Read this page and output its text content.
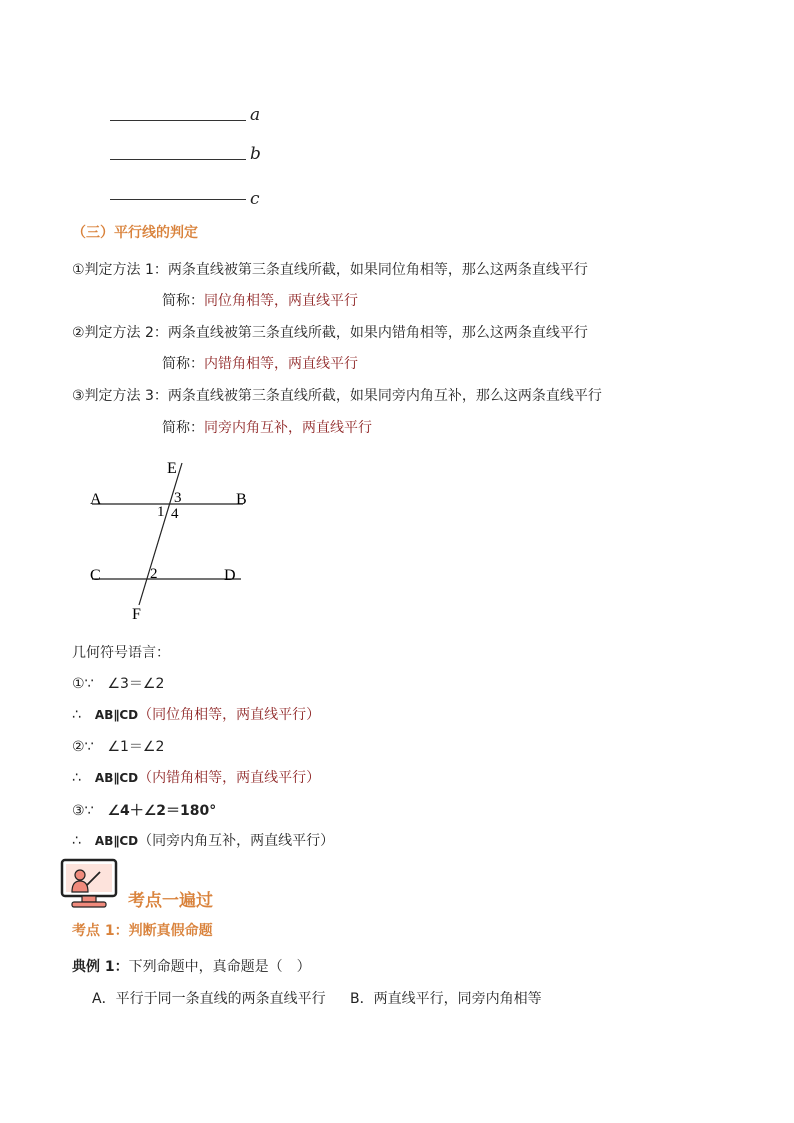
a
b
c
（三）平行线的判定
①判定方法 1：两条直线被第三条直线所截，如果同位角相等，那么这两条直线平行
简称：同位角相等，两直线平行
②判定方法 2：两条直线被第三条直线所截，如果内错角相等，那么这两条直线平行
简称：内错角相等，两直线平行
③判定方法 3：两条直线被第三条直线所截，如果同旁内角互补，那么这两条直线平行
简称：同旁内角互补，两直线平行
A	B
C	D
E
F
3
1 4
2
几何符号语言：
①∵ ∠3＝∠2
∴ AB∥CD（同位角相等，两直线平行）
②∵ ∠1＝∠2
∴ AB∥CD（内错角相等，两直线平行）
③∵ ∠4＋∠2＝180°
∴ AB∥CD（同旁内角互补，两直线平行）
考点一遍过
考点 1：判断真假命题
典例 1：下列命题中，真命题是（　）
A．平行于同一条直线的两条直线平行 B．两直线平行，同旁内角相等
